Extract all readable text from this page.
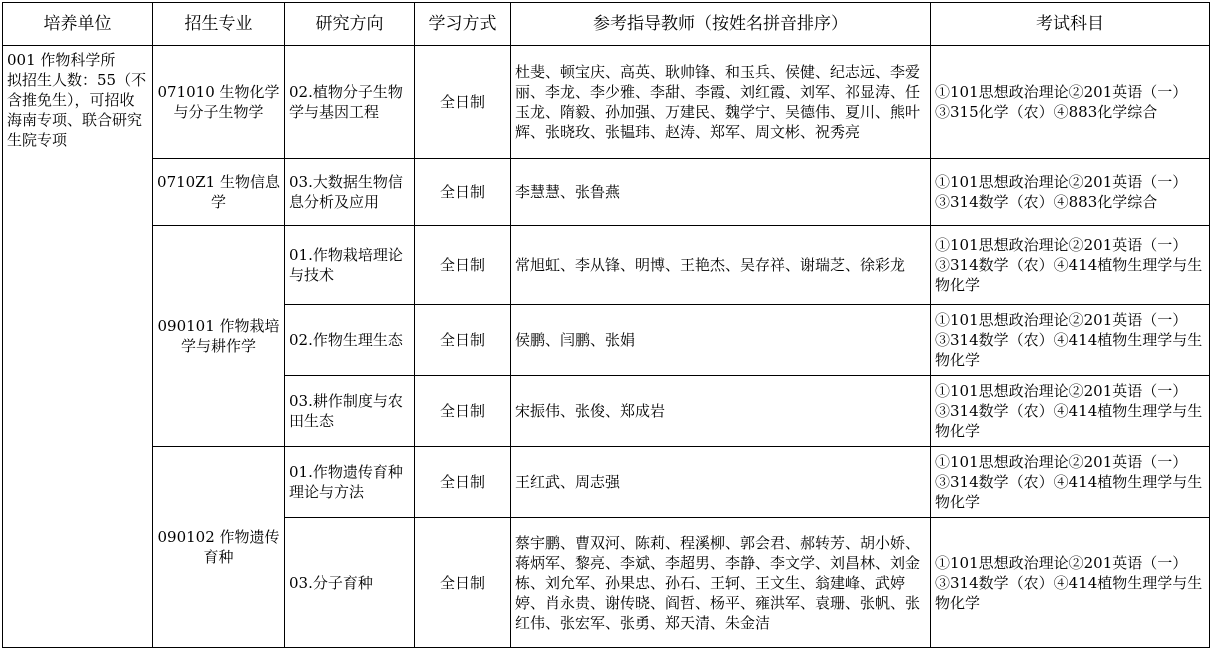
培养单位	招生专业	研究方向	学习方式	参考指导教师（按姓名拼音排序）	考试科目
001 作物科学所
拟招生人数：55（不含推免生），可招收海南专项、联合研究生院专项	071010 生物化学与分子生物学	02.植物分子生物学与基因工程	全日制	杜斐、顿宝庆、高英、耿帅锋、和玉兵、侯健、纪志远、李爱丽、李龙、李少雅、李甜、李霞、刘红霞、刘军、祁显涛、任玉龙、隋毅、孙加强、万建民、魏学宁、吴德伟、夏川、熊叶辉、张晓玫、张韫玮、赵涛、郑军、周文彬、祝秀亮	①101思想政治理论②201英语（一）③315化学（农）④883化学综合
	0710Z1 生物信息学	03.大数据生物信息分析及应用	全日制	李慧慧、张鲁燕	①101思想政治理论②201英语（一）③314数学（农）④883化学综合
	090101 作物栽培学与耕作学	01.作物栽培理论与技术	全日制	常旭虹、李从锋、明博、王艳杰、吴存祥、谢瑞芝、徐彩龙	①101思想政治理论②201英语（一）③314数学（农）④414植物生理学与生物化学
		02.作物生理生态	全日制	侯鹏、闫鹏、张娟	①101思想政治理论②201英语（一）③314数学（农）④414植物生理学与生物化学
		03.耕作制度与农田生态	全日制	宋振伟、张俊、郑成岩	①101思想政治理论②201英语（一）③314数学（农）④414植物生理学与生物化学
	090102 作物遗传育种	01.作物遗传育种理论与方法	全日制	王红武、周志强	①101思想政治理论②201英语（一）③314数学（农）④414植物生理学与生物化学
		03.分子育种	全日制	蔡宇鹏、曹双河、陈莉、程溪柳、郭会君、郝转芳、胡小娇、蒋炳军、黎亮、李斌、李超男、李静、李文学、刘昌林、刘金栋、刘允军、孙果忠、孙石、王轲、王文生、翁建峰、武婷婷、肖永贵、谢传晓、阎哲、杨平、雍洪军、袁珊、张帆、张红伟、张宏军、张勇、郑天清、朱金洁	①101思想政治理论②201英语（一）③314数学（农）④414植物生理学与生物化学
